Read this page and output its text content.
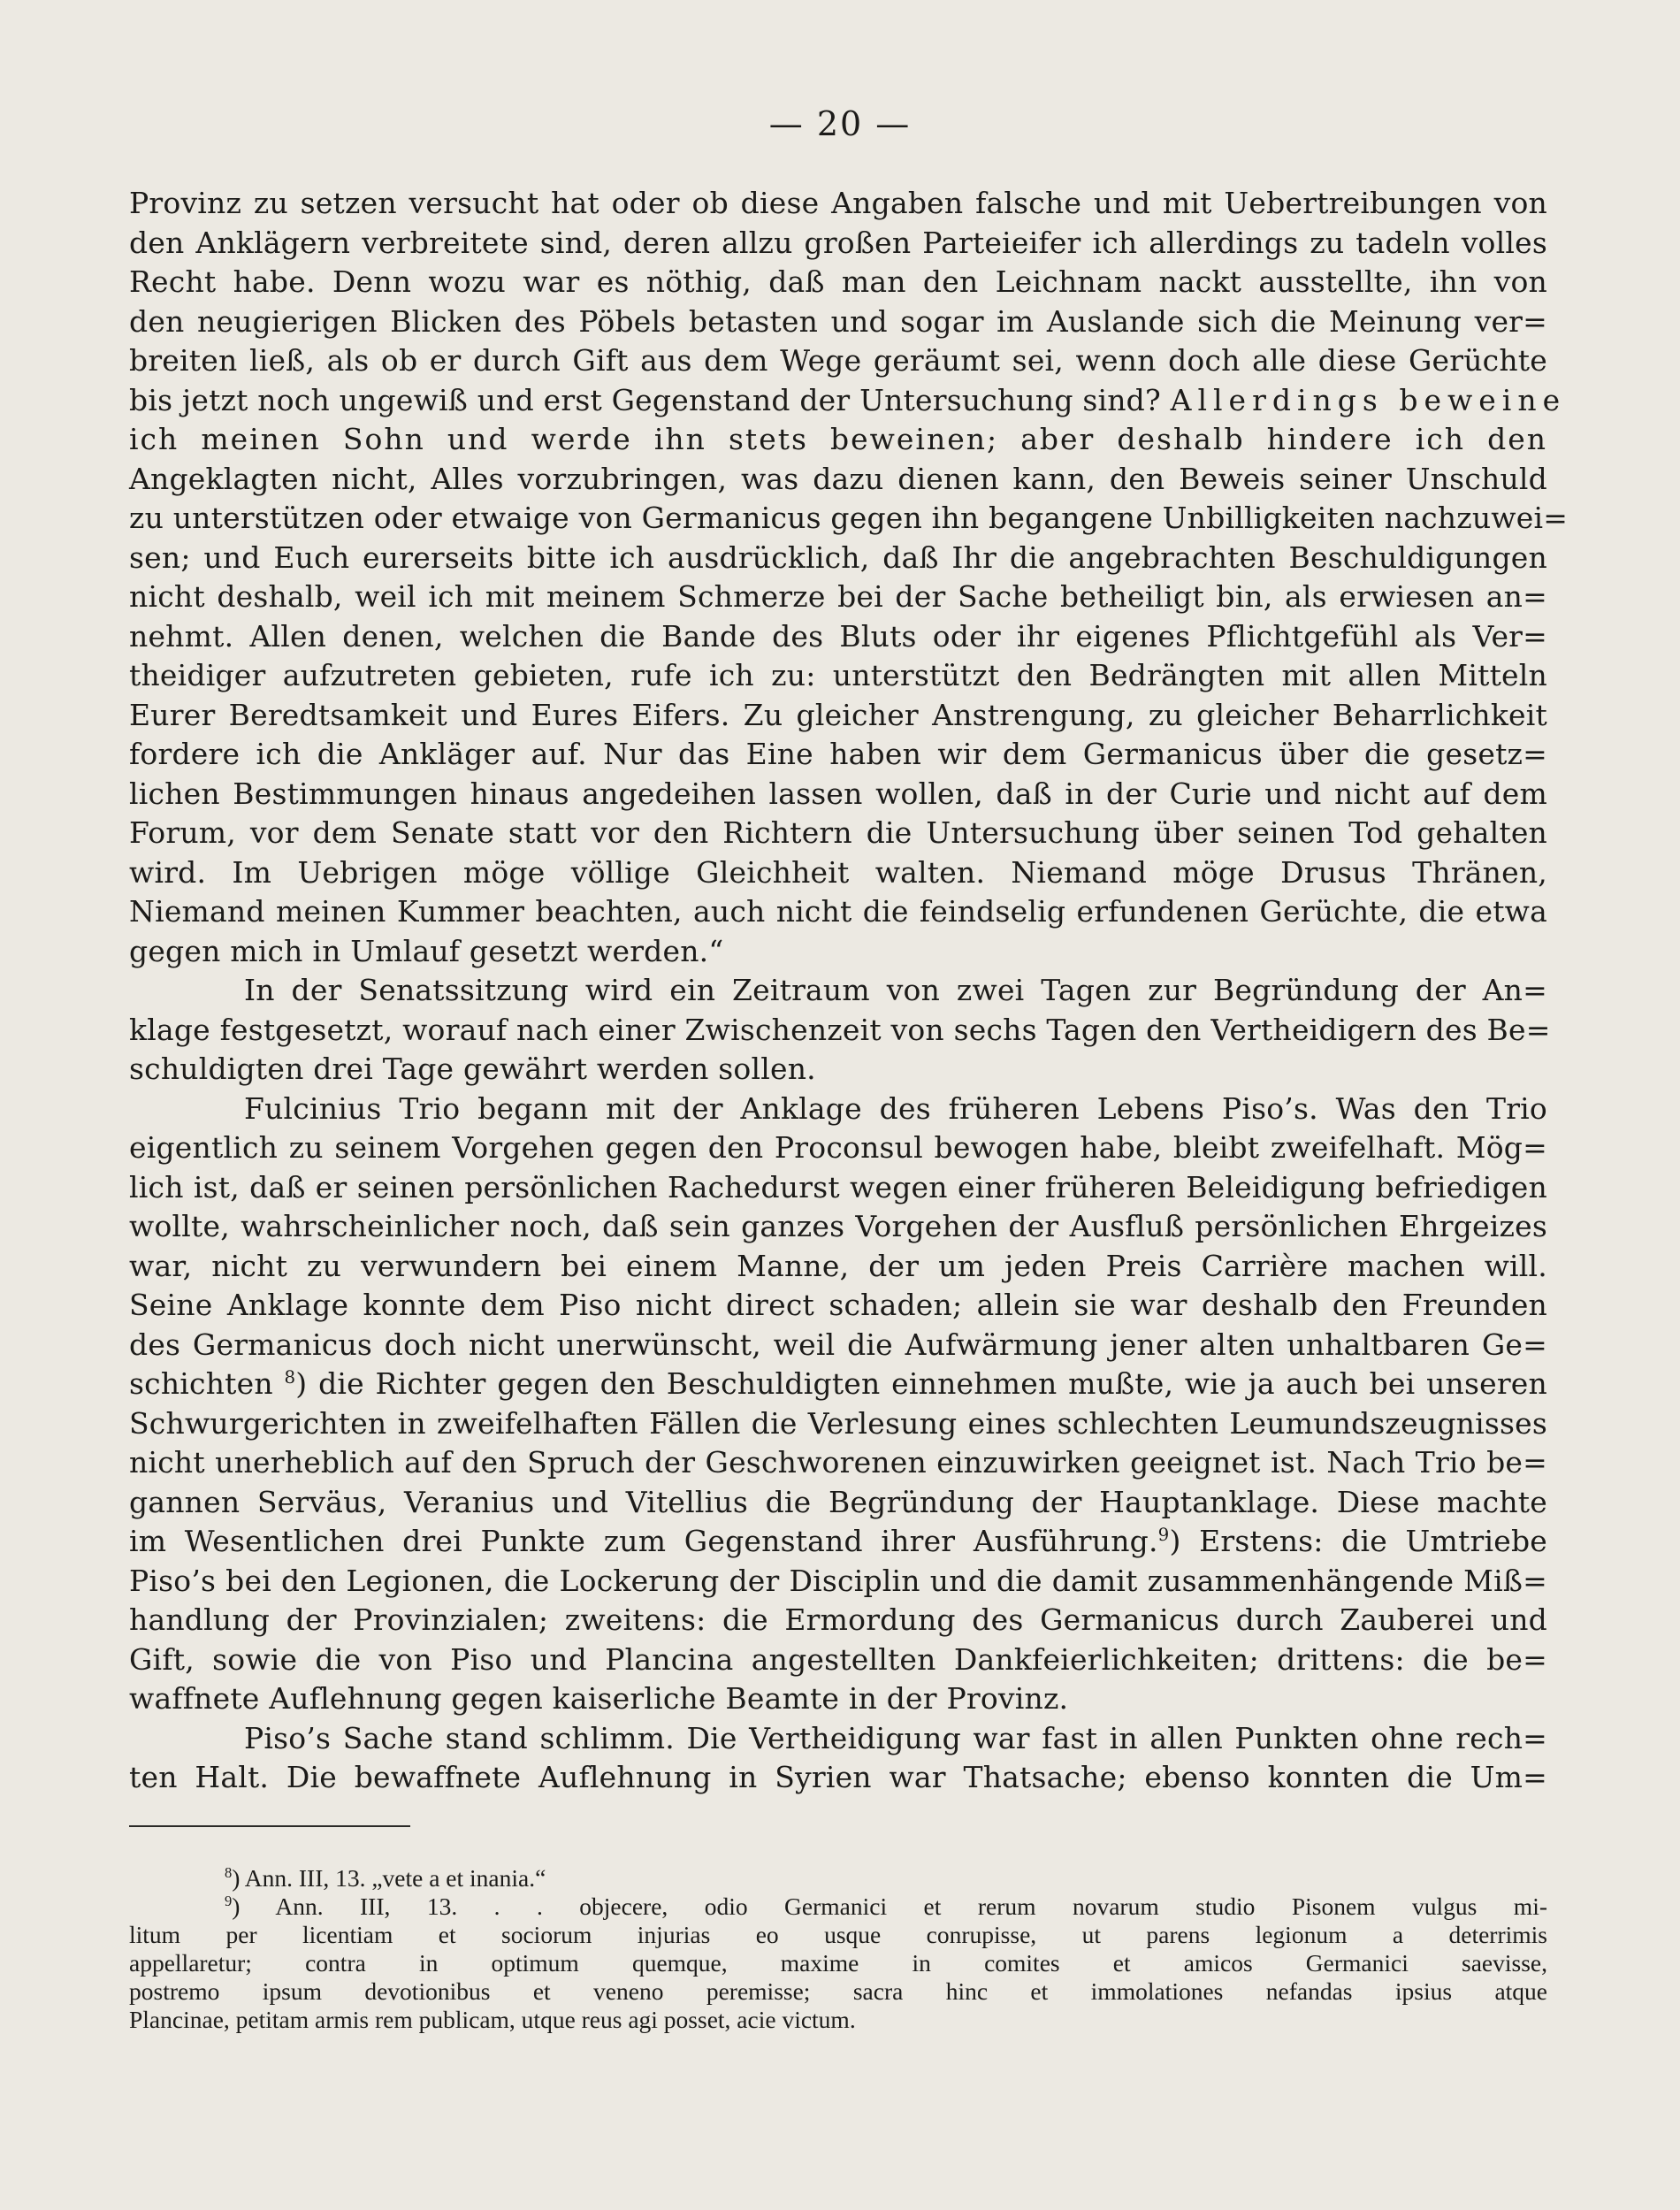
— 20 —
Provinz zu setzen versucht hat oder ob diese Angaben falsche und mit Uebertreibungen von
den Anklägern verbreitete sind, deren allzu großen Parteieifer ich allerdings zu tadeln volles
Recht habe. Denn wozu war es nöthig, daß man den Leichnam nackt ausstellte, ihn von
den neugierigen Blicken des Pöbels betasten und sogar im Auslande sich die Meinung ver=
breiten ließ, als ob er durch Gift aus dem Wege geräumt sei, wenn doch alle diese Gerüchte
bis jetzt noch ungewiß und erst Gegenstand der Untersuchung sind? Allerdings beweine
ich meinen Sohn und werde ihn stets beweinen; aber deshalb hindere ich den
Angeklagten nicht, Alles vorzubringen, was dazu dienen kann, den Beweis seiner Unschuld
zu unterstützen oder etwaige von Germanicus gegen ihn begangene Unbilligkeiten nachzuwei=
sen; und Euch eurerseits bitte ich ausdrücklich, daß Ihr die angebrachten Beschuldigungen
nicht deshalb, weil ich mit meinem Schmerze bei der Sache betheiligt bin, als erwiesen an=
nehmt. Allen denen, welchen die Bande des Bluts oder ihr eigenes Pflichtgefühl als Ver=
theidiger aufzutreten gebieten, rufe ich zu: unterstützt den Bedrängten mit allen Mitteln
Eurer Beredtsamkeit und Eures Eifers. Zu gleicher Anstrengung, zu gleicher Beharrlichkeit
fordere ich die Ankläger auf. Nur das Eine haben wir dem Germanicus über die gesetz=
lichen Bestimmungen hinaus angedeihen lassen wollen, daß in der Curie und nicht auf dem
Forum, vor dem Senate statt vor den Richtern die Untersuchung über seinen Tod gehalten
wird. Im Uebrigen möge völlige Gleichheit walten. Niemand möge Drusus Thränen,
Niemand meinen Kummer beachten, auch nicht die feindselig erfundenen Gerüchte, die etwa
gegen mich in Umlauf gesetzt werden.“
In der Senatssitzung wird ein Zeitraum von zwei Tagen zur Begründung der An=
klage festgesetzt, worauf nach einer Zwischenzeit von sechs Tagen den Vertheidigern des Be=
schuldigten drei Tage gewährt werden sollen.
Fulcinius Trio begann mit der Anklage des früheren Lebens Piso’s. Was den Trio
eigentlich zu seinem Vorgehen gegen den Proconsul bewogen habe, bleibt zweifelhaft. Mög=
lich ist, daß er seinen persönlichen Rachedurst wegen einer früheren Beleidigung befriedigen
wollte, wahrscheinlicher noch, daß sein ganzes Vorgehen der Ausfluß persönlichen Ehrgeizes
war, nicht zu verwundern bei einem Manne, der um jeden Preis Carrière machen will.
Seine Anklage konnte dem Piso nicht direct schaden; allein sie war deshalb den Freunden
des Germanicus doch nicht unerwünscht, weil die Aufwärmung jener alten unhaltbaren Ge=
schichten $^8$) die Richter gegen den Beschuldigten einnehmen mußte, wie ja auch bei unseren
Schwurgerichten in zweifelhaften Fällen die Verlesung eines schlechten Leumundszeugnisses
nicht unerheblich auf den Spruch der Geschworenen einzuwirken geeignet ist. Nach Trio be=
gannen Serväus, Veranius und Vitellius die Begründung der Hauptanklage. Diese machte
im Wesentlichen drei Punkte zum Gegenstand ihrer Ausführung.$^9$) Erstens: die Umtriebe
Piso’s bei den Legionen, die Lockerung der Disciplin und die damit zusammenhängende Miß=
handlung der Provinzialen; zweitens: die Ermordung des Germanicus durch Zauberei und
Gift, sowie die von Piso und Plancina angestellten Dankfeierlichkeiten; drittens: die be=
waffnete Auflehnung gegen kaiserliche Beamte in der Provinz.
Piso’s Sache stand schlimm. Die Vertheidigung war fast in allen Punkten ohne rech=
ten Halt. Die bewaffnete Auflehnung in Syrien war Thatsache; ebenso konnten die Um=
$^8$) Ann. III, 13. „vete a et inania.“
$^9$) Ann. III, 13. . . objecere, odio Germanici et rerum novarum studio Pisonem vulgus mi-
litum per licentiam et sociorum injurias eo usque conrupisse, ut parens legionum a deterrimis
appellaretur; contra in optimum quemque, maxime in comites et amicos Germanici saevisse,
postremo ipsum devotionibus et veneno peremisse; sacra hinc et immolationes nefandas ipsius atque
Plancinae, petitam armis rem publicam, utque reus agi posset, acie victum.
